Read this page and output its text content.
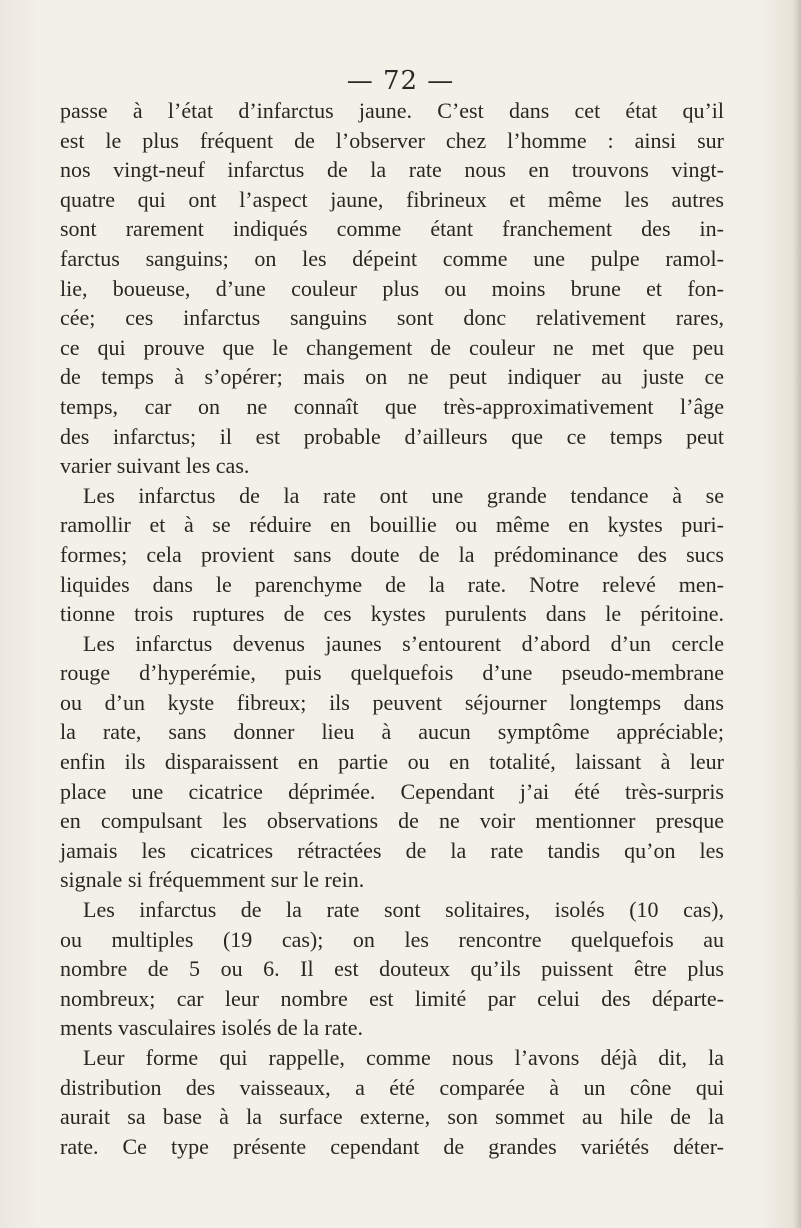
— 72 —
passe à l’état d’infarctus jaune. C’est dans cet état qu’il
est le plus fréquent de l’observer chez l’homme : ainsi sur
nos vingt-neuf infarctus de la rate nous en trouvons vingt-
quatre qui ont l’aspect jaune, fibrineux et même les autres
sont rarement indiqués comme étant franchement des in-
farctus sanguins; on les dépeint comme une pulpe ramol-
lie, boueuse, d’une couleur plus ou moins brune et fon-
cée; ces infarctus sanguins sont donc relativement rares,
ce qui prouve que le changement de couleur ne met que peu
de temps à s’opérer; mais on ne peut indiquer au juste ce
temps, car on ne connaît que très-approximativement l’âge
des infarctus; il est probable d’ailleurs que ce temps peut
varier suivant les cas.
Les infarctus de la rate ont une grande tendance à se
ramollir et à se réduire en bouillie ou même en kystes puri-
formes; cela provient sans doute de la prédominance des sucs
liquides dans le parenchyme de la rate. Notre relevé men-
tionne trois ruptures de ces kystes purulents dans le péritoine.
Les infarctus devenus jaunes s’entourent d’abord d’un cercle
rouge d’hyperémie, puis quelquefois d’une pseudo-membrane
ou d’un kyste fibreux; ils peuvent séjourner longtemps dans
la rate, sans donner lieu à aucun symptôme appréciable;
enfin ils disparaissent en partie ou en totalité, laissant à leur
place une cicatrice déprimée. Cependant j’ai été très-surpris
en compulsant les observations de ne voir mentionner presque
jamais les cicatrices rétractées de la rate tandis qu’on les
signale si fréquemment sur le rein.
Les infarctus de la rate sont solitaires, isolés (10 cas),
ou multiples (19 cas); on les rencontre quelquefois au
nombre de 5 ou 6. Il est douteux qu’ils puissent être plus
nombreux; car leur nombre est limité par celui des départe-
ments vasculaires isolés de la rate.
Leur forme qui rappelle, comme nous l’avons déjà dit, la
distribution des vaisseaux, a été comparée à un cône qui
aurait sa base à la surface externe, son sommet au hile de la
rate. Ce type présente cependant de grandes variétés déter-
